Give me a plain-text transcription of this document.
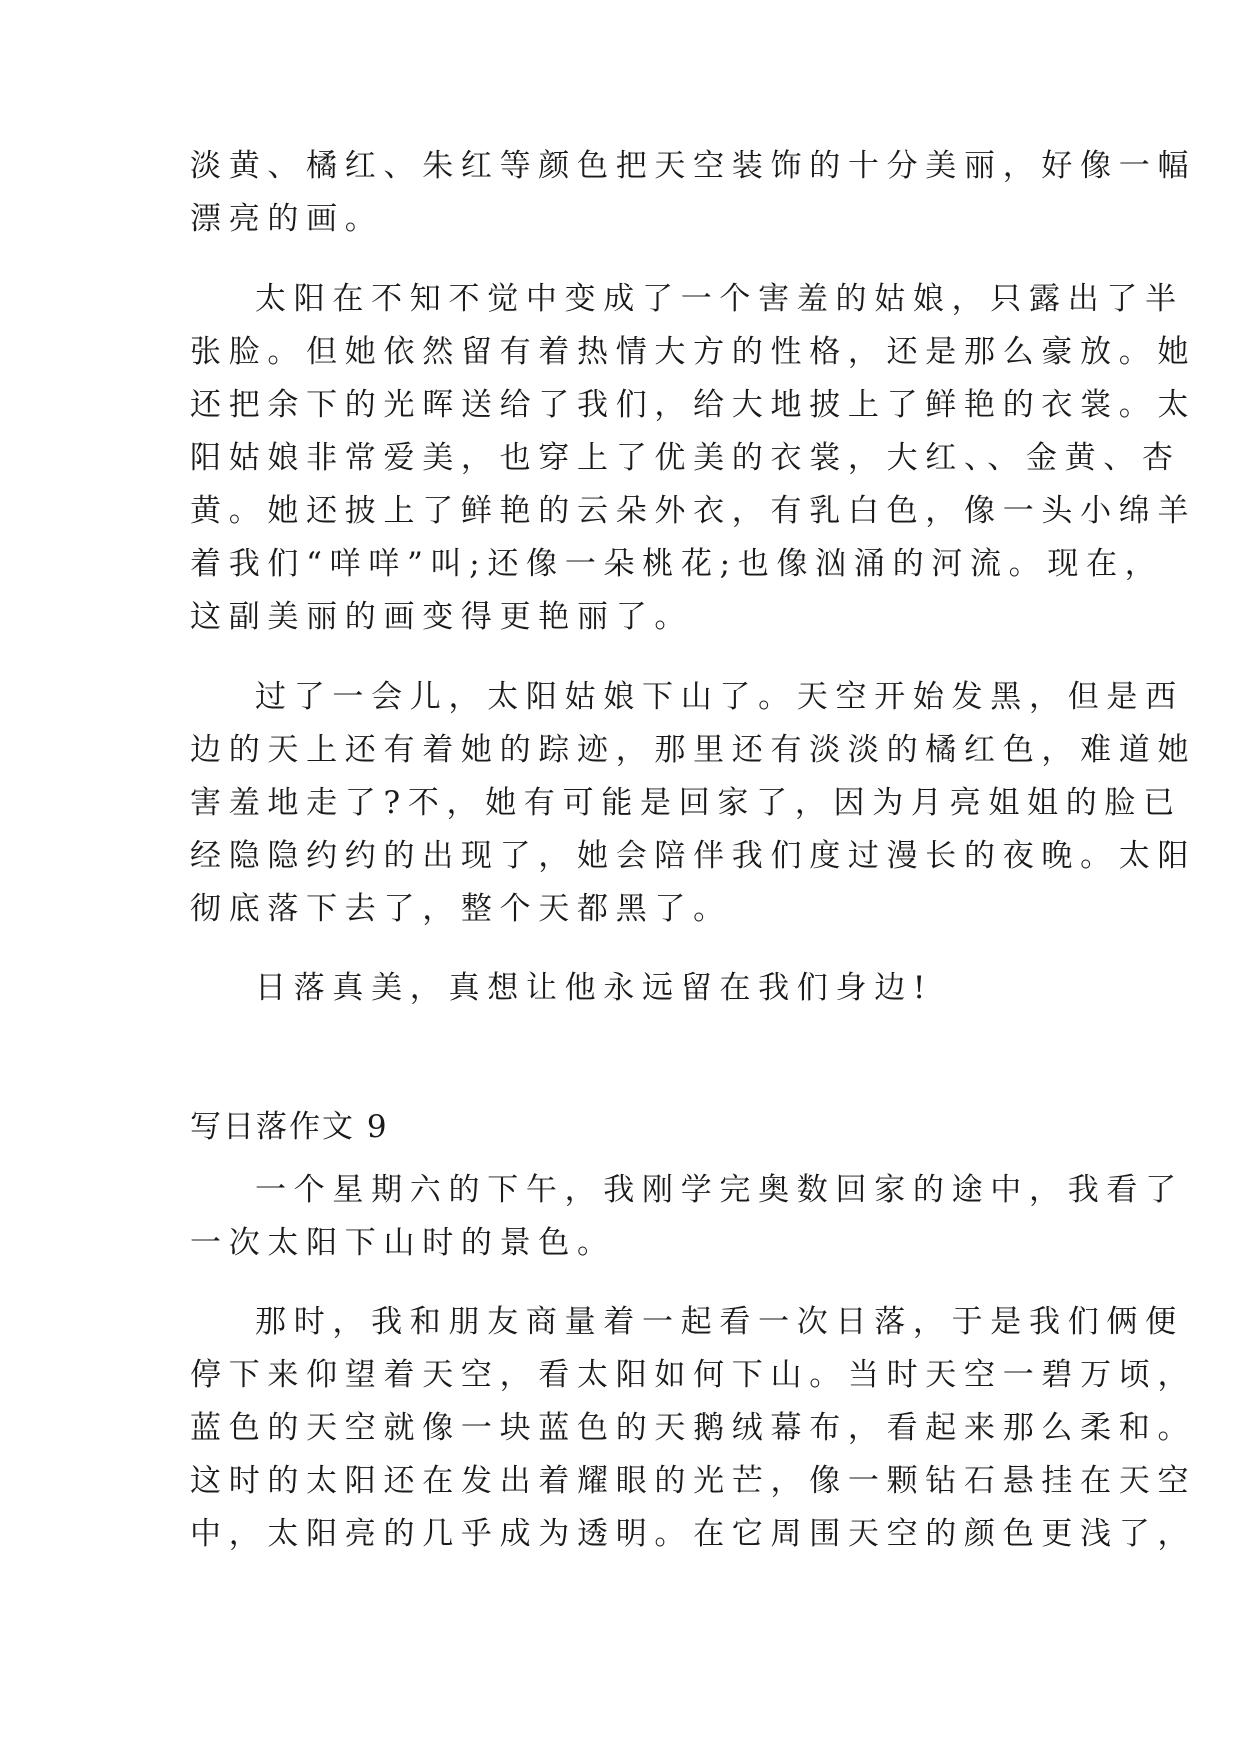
淡黄、橘红、朱红等颜色把天空装饰的十分美丽，好像一幅
漂亮的画。
太阳在不知不觉中变成了一个害羞的姑娘，只露出了半
张脸。但她依然留有着热情大方的性格，还是那么豪放。她
还把余下的光晖送给了我们，给大地披上了鲜艳的衣裳。太
阳姑娘非常爱美，也穿上了优美的衣裳，大红、、金黄、杏
黄。她还披上了鲜艳的云朵外衣，有乳白色，像一头小绵羊
着我们“咩咩”叫;还像一朵桃花;也像汹涌的河流。现在，
这副美丽的画变得更艳丽了。
过了一会儿，太阳姑娘下山了。天空开始发黑，但是西
边的天上还有着她的踪迹，那里还有淡淡的橘红色，难道她
害羞地走了?不，她有可能是回家了，因为月亮姐姐的脸已
经隐隐约约的出现了，她会陪伴我们度过漫长的夜晚。太阳
彻底落下去了，整个天都黑了。
日落真美，真想让他永远留在我们身边!
写日落作文 9
一个星期六的下午，我刚学完奥数回家的途中，我看了
一次太阳下山时的景色。
那时，我和朋友商量着一起看一次日落，于是我们俩便
停下来仰望着天空，看太阳如何下山。当时天空一碧万顷，
蓝色的天空就像一块蓝色的天鹅绒幕布，看起来那么柔和。
这时的太阳还在发出着耀眼的光芒，像一颗钻石悬挂在天空
中，太阳亮的几乎成为透明。在它周围天空的颜色更浅了，
